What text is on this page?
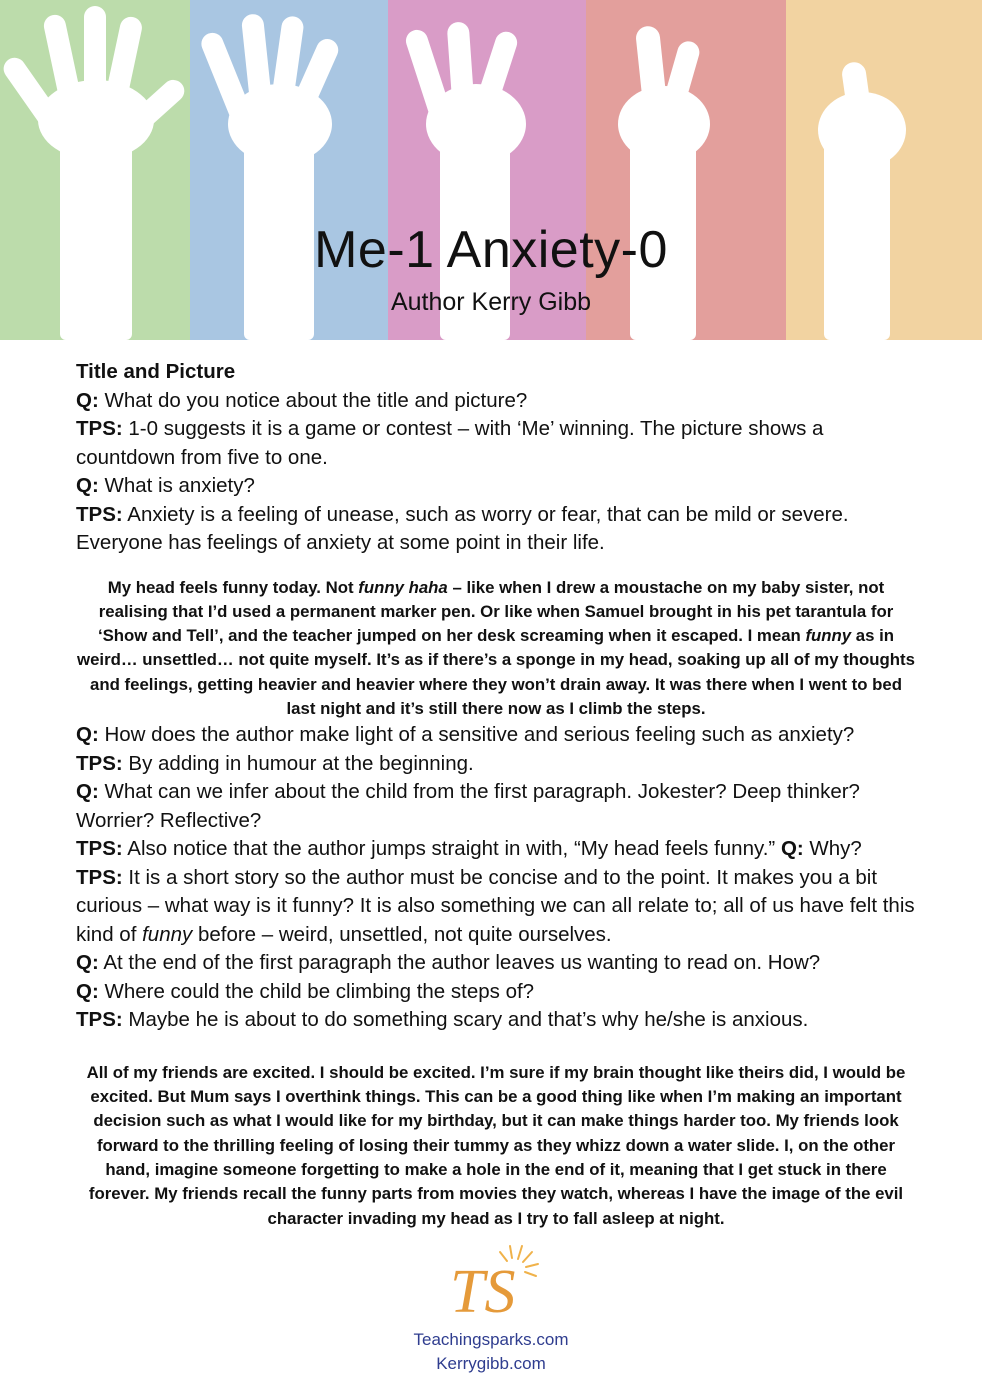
Me-1 Anxiety-0
Author Kerry Gibb

Title and Picture

Q: What do you notice about the title and picture?

TPS: 1-0 suggests it is a game or contest – with ‘Me’ winning. The picture shows a countdown from five to one.

Q: What is anxiety?

TPS: Anxiety is a feeling of unease, such as worry or fear, that can be mild or severe. Everyone has feelings of anxiety at some point in their life.

My head feels funny today. Not funny haha – like when I drew a moustache on my baby sister, not realising that I’d used a permanent marker pen. Or like when Samuel brought in his pet tarantula for ‘Show and Tell’, and the teacher jumped on her desk screaming when it escaped. I mean funny as in weird… unsettled… not quite myself. It’s as if there’s a sponge in my head, soaking up all of my thoughts and feelings, getting heavier and heavier where they won’t drain away. It was there when I went to bed last night and it’s still there now as I climb the steps.

Q: How does the author make light of a sensitive and serious feeling such as anxiety?

TPS: By adding in humour at the beginning.

Q: What can we infer about the child from the first paragraph. Jokester? Deep thinker? Worrier? Reflective?

TPS: Also notice that the author jumps straight in with, “My head feels funny.” Q: Why?

TPS: It is a short story so the author must be concise and to the point. It makes you a bit curious – what way is it funny? It is also something we can all relate to; all of us have felt this kind of funny before – weird, unsettled, not quite ourselves.

Q: At the end of the first paragraph the author leaves us wanting to read on. How?

Q: Where could the child be climbing the steps of?

TPS: Maybe he is about to do something scary and that’s why he/she is anxious.

All of my friends are excited. I should be excited. I’m sure if my brain thought like theirs did, I would be excited. But Mum says I overthink things. This can be a good thing like when I’m making an important decision such as what I would like for my birthday, but it can make things harder too. My friends look forward to the thrilling feeling of losing their tummy as they whizz down a water slide. I, on the other hand, imagine someone forgetting to make a hole in the end of it, meaning that I get stuck in there forever. My friends recall the funny parts from movies they watch, whereas I have the image of the evil character invading my head as I try to fall asleep at night.

TS
Teachingsparks.com
Kerrygibb.com
